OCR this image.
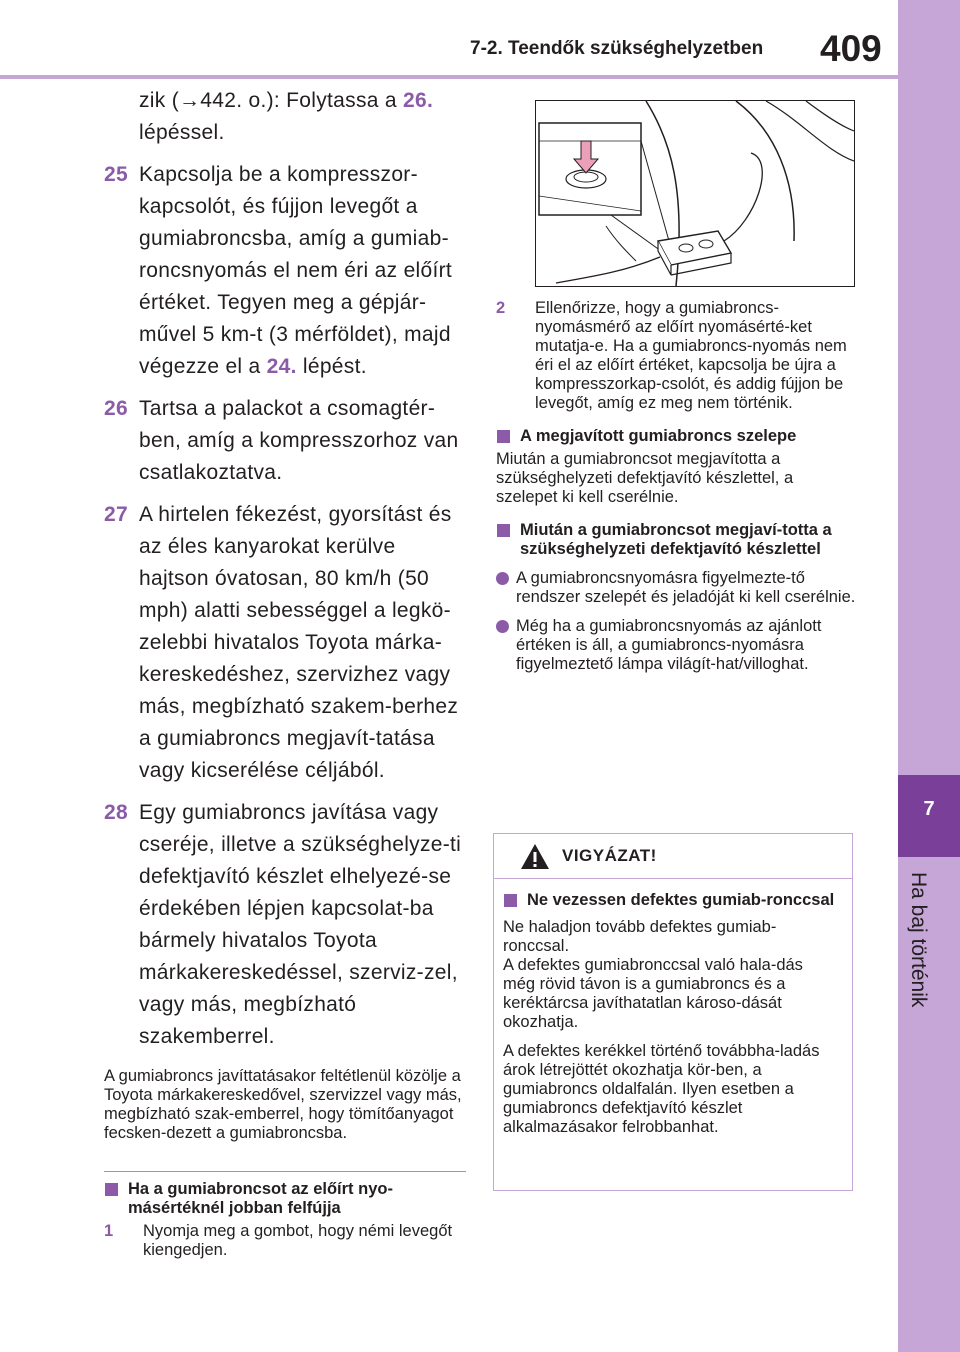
7-2. Teendők szükséghelyzetben 409
7
Ha baj történik

zik (→442. o.): Folytassa a 26.
lépéssel.

25 Kapcsolja be a kompresszor-kapcsolót, és fújjon levegőt a gumiabroncsba, amíg a gumiab-roncsnyomás el nem éri az előírt értéket. Tegyen meg a gépjár-művel 5 km-t (3 mérföldet), majd végezze el a 24. lépést.
26 Tartsa a palackot a csomagtér-ben, amíg a kompresszorhoz van csatlakoztatva.
27 A hirtelen fékezést, gyorsítást és az éles kanyarokat kerülve hajtson óvatosan, 80 km/h (50 mph) alatti sebességgel a legkö-zelebbi hivatalos Toyota márka-kereskedéshez, szervizhez vagy más, megbízható szakem-berhez a gumiabroncs megjavít-tatása vagy kicserélése céljából.
28 Egy gumiabroncs javítása vagy cseréje, illetve a szükséghelyze-ti defektjavító készlet elhelyezé-se érdekében lépjen kapcsolat-ba bármely hivatalos Toyota márkakereskedéssel, szerviz-zel, vagy más, megbízható szakemberrel.

A gumiabroncs javíttatásakor feltétlenül közölje a Toyota márkakereskedővel, szervizzel vagy más, megbízható szak-emberrel, hogy tömítőanyagot fecsken-dezett a gumiabroncsba.

Ha a gumiabroncsot az előírt nyo-másértéknél jobban felfújja
1 Nyomja meg a gombot, hogy némi levegőt kiengedjen.
2 Ellenőrizze, hogy a gumiabroncs-nyomásmérő az előírt nyomásérté-ket mutatja-e. Ha a gumiabroncs-nyomás nem éri el az előírt értéket, kapcsolja be újra a kompresszorkap-csolót, és addig fújjon be levegőt, amíg ez meg nem történik.
A megjavított gumiabroncs szelepe

Miután a gumiabroncsot megjavította a szükséghelyzeti defektjavító készlettel, a szelepet ki kell cserélnie.

Miután a gumiabroncsot megjaví-totta a szükséghelyzeti defektjavító készlettel
A gumiabroncsnyomásra figyelmezte-tő rendszer szelepét és jeladóját ki kell cserélnie.
Még ha a gumiabroncsnyomás az ajánlott értéken is áll, a gumiabroncs-nyomásra figyelmeztető lámpa világít-hat/villoghat.
VIGYÁZAT!
Ne vezessen defektes gumiab-ronccsal

Ne haladjon tovább defektes gumiab-ronccsal.
A defektes gumiabronccsal való hala-dás még rövid távon is a gumiabroncs és a keréktárcsa javíthatatlan károso-dását okozhatja.

A defektes kerékkel történő továbbha-ladás árok létrejöttét okozhatja kör-ben, a gumiabroncs oldalfalán. Ilyen esetben a gumiabroncs defektjavító készlet alkalmazásakor felrobbanhat.
